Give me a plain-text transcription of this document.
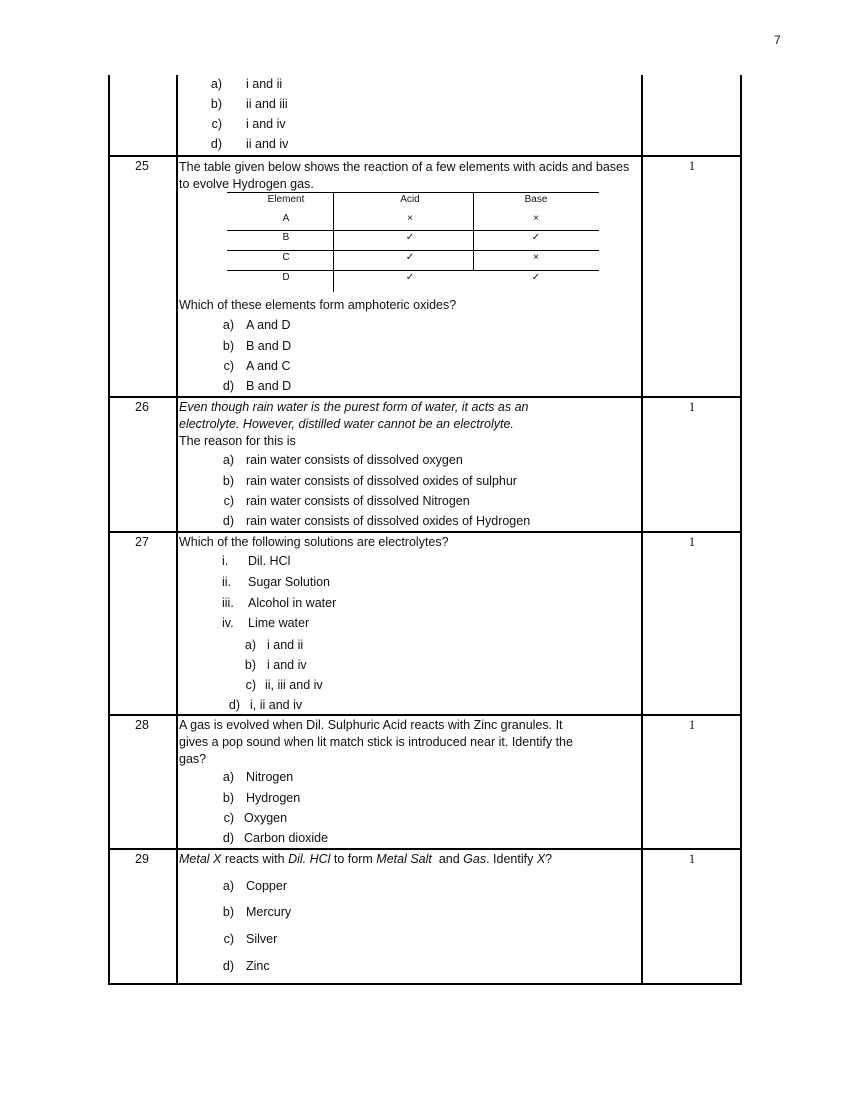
7
a) i and ii
b) ii and iii
c) i and iv
d) ii and iv
25	1
The table given below shows the reaction of a few elements with acids and bases to evolve Hydrogen gas.
Element	Acid	Base
A	×	×
B	✓	✓
C	✓	×
D	✓	✓
Which of these elements form amphoteric oxides?
a) A and D
b) B and D
c) A and C
d) B and D
26	1
Even though rain water is the purest form of water, it acts as an
electrolyte. However, distilled water cannot be an electrolyte.
The reason for this is
a) rain water consists of dissolved oxygen
b) rain water consists of dissolved oxides of sulphur
c) rain water consists of dissolved Nitrogen
d) rain water consists of dissolved oxides of Hydrogen
27	1
Which of the following solutions are electrolytes?
i. Dil. HCl
ii. Sugar Solution
iii. Alcohol in water
iv. Lime water
a) i and ii
b) i and iv
c) ii, iii and iv
d) i, ii and iv
28	1
A gas is evolved when Dil. Sulphuric Acid reacts with Zinc granules. It
gives a pop sound when lit match stick is introduced near it. Identify the
gas?
a) Nitrogen
b) Hydrogen
c) Oxygen
d) Carbon dioxide
29	1
Metal X reacts with Dil. HCl to form Metal Salt  and Gas. Identify X?
a) Copper
b) Mercury
c) Silver
d) Zinc
